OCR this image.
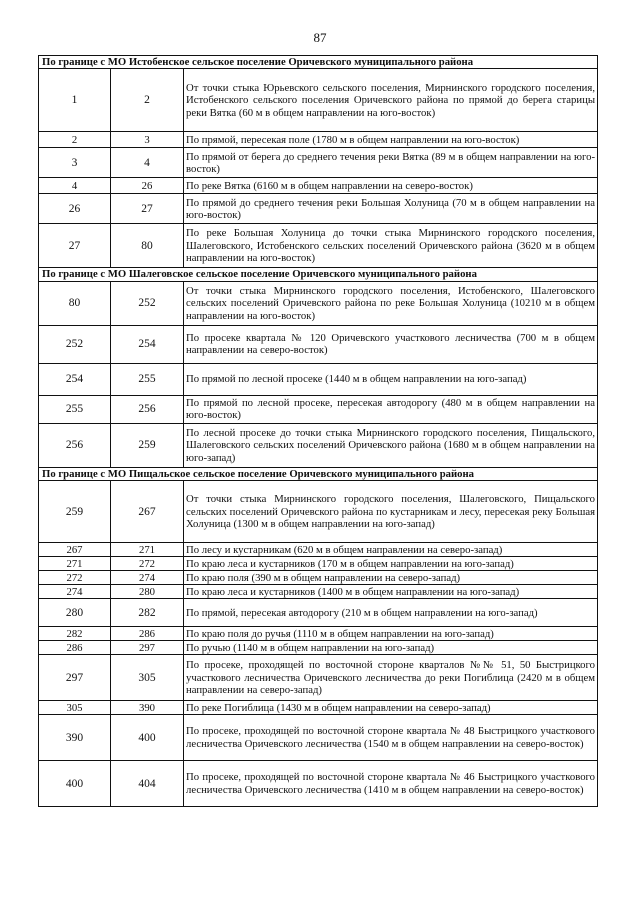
87
По границе с МО Истобенское сельское поселение Оричевского муниципального района		
1	2	От точки стыка Юрьевского сельского поселения, Мирнинского городского поселения, Истобенского сельского поселения Оричевского района по прямой до берега старицы реки Вятка (60 м в общем направлении на юго-восток)
2	3	По прямой, пересекая поле (1780 м в общем направлении на юго-восток)
3	4	По прямой от берега до среднего течения реки Вятка (89 м в общем направлении на юго-восток)
4	26	По реке Вятка (6160 м в общем направлении на северо-восток)
26	27	По прямой до среднего течения реки Большая Холуница (70 м в общем направлении на юго-восток)
27	80	По реке Большая Холуница до точки стыка Мирнинского городского поселения, Шалеговского, Истобенского сельских поселений Оричевского района (3620 м в общем направлении на юго-восток)
По границе с МО Шалеговское сельское поселение Оричевского муниципального района		
80	252	От точки стыка Мирнинского городского поселения, Истобенского, Шалеговского сельских поселений Оричевского района по реке Большая Холуница (10210 м в общем направлении на юго-восток)
252	254	По просеке квартала № 120 Оричевского участкового лесничества (700 м в общем направлении на северо-восток)
254	255	По прямой по лесной просеке (1440 м в общем направлении на юго-запад)
255	256	По прямой по лесной просеке, пересекая автодорогу (480 м в общем направлении на юго-восток)
256	259	По лесной просеке до точки стыка Мирнинского городского поселения, Пищальского, Шалеговского сельских поселений Оричевского района (1680 м в общем направлении на юго-запад)
По границе с МО Пищальское сельское поселение Оричевского муниципального района		
259	267	От точки стыка Мирнинского городского поселения, Шалеговского, Пищальского сельских поселений Оричевского района по кустарникам и лесу, пересекая реку Большая Холуница (1300 м в общем направлении на юго-запад)
267	271	По лесу и кустарникам (620 м в общем направлении на северо-запад)
271	272	По краю леса и кустарников (170 м в общем направлении на юго-запад)
272	274	По краю поля (390 м в общем направлении на северо-запад)
274	280	По краю леса и кустарников (1400 м в общем направлении на юго-запад)
280	282	По прямой, пересекая автодорогу (210 м в общем направлении на юго-запад)
282	286	По краю поля до ручья (1110 м в общем направлении на юго-запад)
286	297	По ручью (1140 м в общем направлении на юго-запад)
297	305	По просеке, проходящей по восточной стороне кварталов №№ 51, 50 Быстрицкого участкового лесничества Оричевского лесничества до реки Погиблица (2420 м в общем направлении на северо-запад)
305	390	По реке Погиблица (1430 м в общем направлении на северо-запад)
390	400	По просеке, проходящей по восточной стороне квартала № 48 Быстрицкого участкового лесничества Оричевского лесничества (1540 м в общем направлении на северо-восток)
400	404	По просеке, проходящей по восточной стороне квартала № 46 Быстрицкого участкового лесничества Оричевского лесничества (1410 м в общем направлении на северо-восток)
